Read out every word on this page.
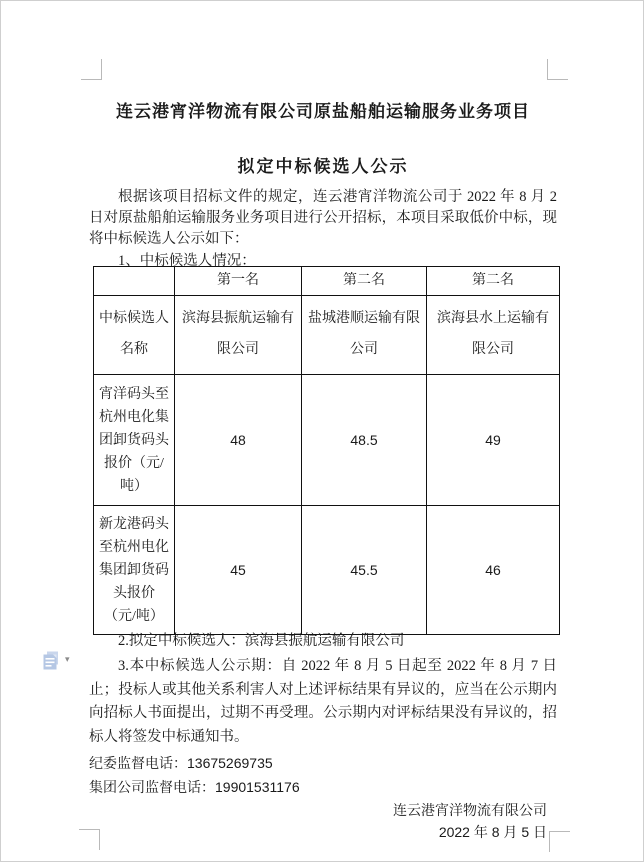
连云港宵洋物流有限公司原盐船舶运输服务业务项目
拟定中标候选人公示

根据该项目招标文件的规定，连云港宵洋物流公司于 2022 年 8 月 2 日对原盐船舶运输服务业务项目进行公开招标，本项目采取低价中标，现将中标候选人公示如下：

1、中标候选人情况：
	第一名	第二名	第二名
中标候选人名称	滨海县振航运输有限公司	盐城港顺运输有限公司	滨海县水上运输有限公司
宵洋码头至杭州电化集团卸货码头报价（元/吨）	48	48.5	49
新龙港码头至杭州电化集团卸货码头报价（元/吨）	45	45.5	46

2.拟定中标候选人：滨海县振航运输有限公司

3.本中标候选人公示期：自 2022 年 8 月 5 日起至 2022 年 8 月 7 日止；投标人或其他关系利害人对上述评标结果有异议的，应当在公示期内向招标人书面提出，过期不再受理。公示期内对评标结果没有异议的，招标人将签发中标通知书。

纪委监督电话：13675269735
集团公司监督电话：19901531176
连云港宵洋物流有限公司
2022 年 8 月 5 日
▾
